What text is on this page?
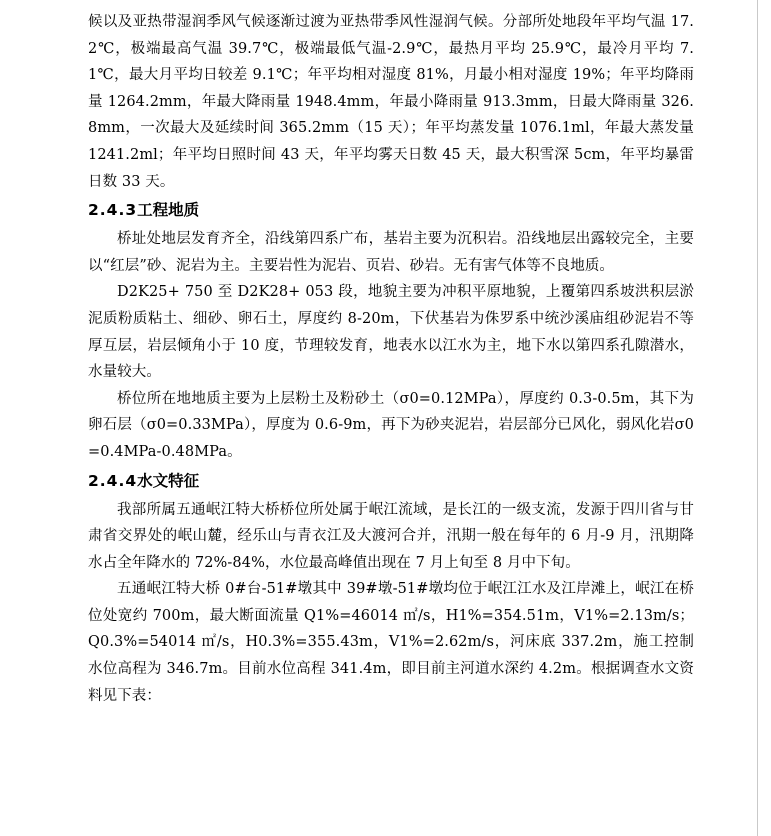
候以及亚热带湿润季风气候逐渐过渡为亚热带季风性湿润气候。分部所处地段年平均气温 17.2℃，极端最高气温 39.7℃，极端最低气温-2.9℃，最热月平均 25.9℃，最冷月平均 7.1℃，最大月平均日较差 9.1℃；年平均相对湿度 81%，月最小相对湿度 19%；年平均降雨量 1264.2mm，年最大降雨量 1948.4mm，年最小降雨量 913.3mm，日最大降雨量 326.8mm，一次最大及延续时间 365.2mm（15 天）；年平均蒸发量 1076.1ml，年最大蒸发量 1241.2ml；年平均日照时间 43 天，年平均雾天日数 45 天，最大积雪深 5cm，年平均暴雷日数 33 天。

2.4.3工程地质

桥址处地层发育齐全，沿线第四系广布，基岩主要为沉积岩。沿线地层出露较完全，主要以“红层”砂、泥岩为主。主要岩性为泥岩、页岩、砂岩。无有害气体等不良地质。

D2K25+ 750 至 D2K28+ 053 段，地貌主要为冲积平原地貌，上覆第四系坡洪积层淤泥质粉质粘土、细砂、卵石土，厚度约 8-20m，下伏基岩为侏罗系中统沙溪庙组砂泥岩不等厚互层，岩层倾角小于 10 度，节理较发育，地表水以江水为主，地下水以第四系孔隙潜水，水量较大。

桥位所在地地质主要为上层粉土及粉砂土（σ0=0.12MPa），厚度约 0.3-0.5m，其下为卵石层（σ0=0.33MPa），厚度为 0.6-9m，再下为砂夹泥岩，岩层部分已风化，弱风化岩σ0=0.4MPa-0.48MPa。

2.4.4水文特征

我部所属五通岷江特大桥桥位所处属于岷江流域，是长江的一级支流，发源于四川省与甘肃省交界处的岷山麓，经乐山与青衣江及大渡河合并，汛期一般在每年的 6 月-9 月，汛期降水占全年降水的 72%-84%，水位最高峰值出现在 7 月上旬至 8 月中下旬。

五通岷江特大桥 0#台-51#墩其中 39#墩-51#墩均位于岷江江水及江岸滩上，岷江在桥位处宽约 700m，最大断面流量 Q1%=46014 ㎡/s，H1%=354.51m，V1%=2.13m/s；Q0.3%=54014 ㎡/s，H0.3%=355.43m，V1%=2.62m/s，河床底 337.2m，施工控制水位高程为 346.7m。目前水位高程 341.4m，即目前主河道水深约 4.2m。根据调查水文资料见下表：
